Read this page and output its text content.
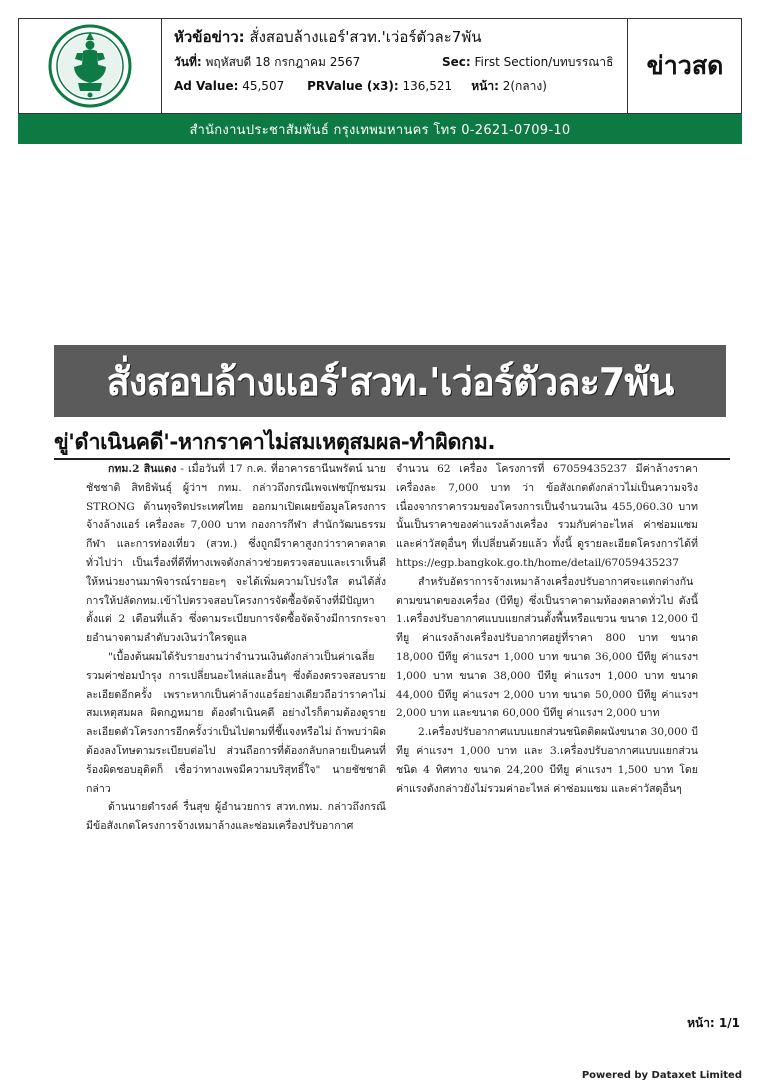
หัวข้อข่าว: สั่งสอบล้างแอร์'สวท.'เว่อร์ตัวละ7พัน
วันที่: พฤหัสบดี 18 กรกฎาคม 2567	Sec: First Section/บทบรรณาธิ
Ad Value: 45,507 PRValue (x3): 136,521 หน้า: 2(กลาง)
ข่าวสด
สำนักงานประชาสัมพันธ์ กรุงเทพมหานคร โทร 0-2621-0709-10
สั่งสอบล้างแอร์'สวท.'เว่อร์ตัวละ7พัน
ขู่'ดำเนินคดี'-หากราคาไม่สมเหตุสมผล-ทำผิดกม.

กทม.2 สินแดง - เมื่อวันที่ 17 ก.ค. ที่อาคารธานีนพรัตน์ นายชัชชาติ สิทธิพันธุ์ ผู้ว่าฯ กทม. กล่าวถึงกรณีเพจเฟซบุ๊กชมรม STRONG ต้านทุจริตประเทศไทย ออกมาเปิดเผยข้อมูลโครงการจ้างล้างแอร์ เครื่องละ 7,000 บาท กองการกีฬา สำนักวัฒนธรรม กีฬา และการท่องเที่ยว (สวท.) ซึ่งถูกมีราคาสูงกว่าราคาตลาดทั่วไปว่า เป็นเรื่องที่ดีที่ทางเพจดังกล่าวช่วยตรวจสอบและเราเห็นดีให้หน่วยงานมาพิจารณ์รายอะๆ จะได้เพิ่มความโปร่งใส ตนได้สั่งการให้ปลัดกทม.เข้าไปตรวจสอบโครงการจัดซื้อจัดจ้างที่มีปัญหาตั้งแต่ 2 เดือนที่แล้ว ซึ่งตามระเบียบการจัดซื้อจัดจ้างมีการกระจายอำนาจตามลำดับวงเงินว่าใครดูแล

"เบื้องต้นผมได้รับรายงานว่าจำนวนเงินดังกล่าวเป็นค่าเฉลี่ยรวมค่าซ่อมบำรุง การเปลี่ยนอะไหล่และอื่นๆ ซึ่งต้องตรวจสอบรายละเอียดอีกครั้ง เพราะหากเป็นค่าล้างแอร์อย่างเดียวถือว่าราคาไม่สมเหตุสมผล ผิดกฎหมาย ต้องดำเนินคดี อย่างไรก็ตามต้องดูรายละเอียดตัวโครงการอีกครั้งว่าเป็นไปตามที่ชี้แจงหรือไม่ ถ้าพบว่าผิดต้องลงโทษตามระเบียบต่อไป ส่วนถือการที่ต้องกลับกลายเป็นคนที่ร้องผิดชอบอุดิตก็ เชื่อว่าทางเพจมีความบริสุทธิ์ใจ" นายชัชชาติกล่าว

ด้านนายดำรงค์ รื่นสุข ผู้อำนวยการ สวท.กทม. กล่าวถึงกรณีมีข้อสังเกตโครงการจ้างเหมาล้างและซ่อมเครื่องปรับอากาศ

จำนวน 62 เครื่อง โครงการที่ 67059435237 มีค่าล้างราคาเครื่องละ 7,000 บาท ว่า ข้อสังเกตดังกล่าวไม่เป็นความจริง เนื่องจากราคารวมของโครงการเป็นจำนวนเงิน 455,060.30 บาทนั้นเป็นราคาของค่าแรงล้างเครื่อง รวมกับค่าอะไหล่ ค่าซ่อมแซมและค่าวัสดุอื่นๆ ที่เปลี่ยนด้วยแล้ว ทั้งนี้ ดูรายละเอียดโครงการได้ที่ https://egp.bangkok.go.th/home/detail/67059435237

สำหรับอัตราการจ้างเหมาล้างเครื่องปรับอากาศจะแตกต่างกันตามขนาดของเครื่อง (บีทียู) ซึ่งเป็นราคาตามท้องตลาดทั่วไป ดังนี้ 1.เครื่องปรับอากาศแบบแยกส่วนตั้งพื้นหรือแขวน ขนาด 12,000 บีทียู ค่าแรงล้างเครื่องปรับอากาศอยู่ที่ราคา 800 บาท ขนาด 18,000 บีทียู ค่าแรงฯ 1,000 บาท ขนาด 36,000 บีทียู ค่าแรงฯ 1,000 บาท ขนาด 38,000 บีทียู ค่าแรงฯ 1,000 บาท ขนาด 44,000 บีทียู ค่าแรงฯ 2,000 บาท ขนาด 50,000 บีทียู ค่าแรงฯ 2,000 บาท และขนาด 60,000 บีทียู ค่าแรงฯ 2,000 บาท

2.เครื่องปรับอากาศแบบแยกส่วนชนิดติดผนังขนาด 30,000 บีทียู ค่าแรงฯ 1,000 บาท และ 3.เครื่องปรับอากาศแบบแยกส่วนชนิด 4 ทิศทาง ขนาด 24,200 บีทียู ค่าแรงฯ 1,500 บาท โดยค่าแรงดังกล่าวยังไม่รวมค่าอะไหล่ ค่าซ่อมแซม และค่าวัสดุอื่นๆ

หน้า: 1/1
Powered by Dataxet Limited
